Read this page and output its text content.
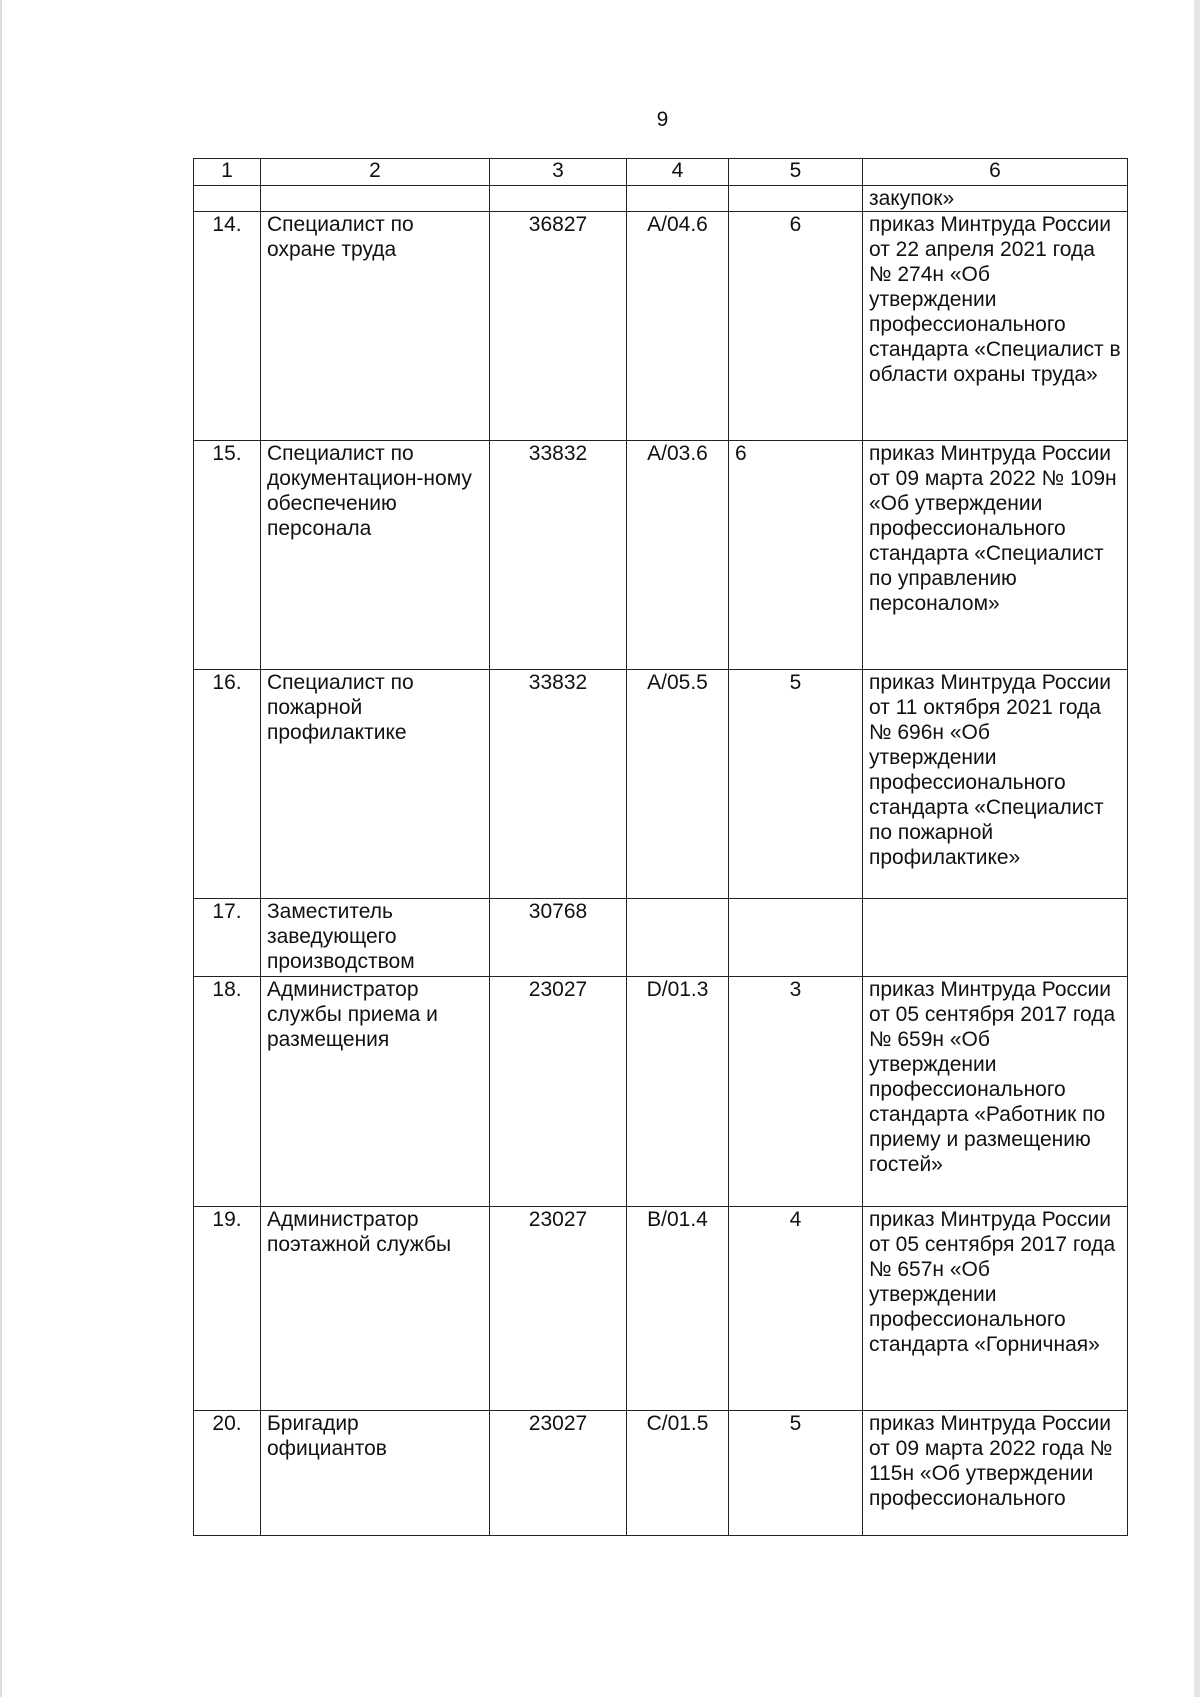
9
1	2	3	4	5	6
					закупок»
14.	Специалист по охране труда	36827	A/04.6	6	приказ Минтруда России от 22 апреля 2021 года № 274н «Об утверждении профессионального стандарта «Специалист в области охраны труда»
15.	Специалист по документацион-ному обеспечению персонала	33832	A/03.6	6	приказ Минтруда России от 09 марта 2022 № 109н «Об утверждении профессионального стандарта «Специалист по управлению персоналом»
16.	Специалист по пожарной профилактике	33832	A/05.5	5	приказ Минтруда России от 11 октября 2021 года № 696н «Об утверждении профессионального стандарта «Специалист по пожарной профилактике»
17.	Заместитель заведующего производством	30768			
18.	Администратор службы приема и размещения	23027	D/01.3	3	приказ Минтруда России от 05 сентября 2017 года № 659н «Об утверждении профессионального стандарта «Работник по приему и размещению гостей»
19.	Администратор поэтажной службы	23027	B/01.4	4	приказ Минтруда России от 05 сентября 2017 года № 657н «Об утверждении профессионального стандарта «Горничная»
20.	Бригадир официантов	23027	C/01.5	5	приказ Минтруда России от 09 марта 2022 года № 115н «Об утверждении профессионального
